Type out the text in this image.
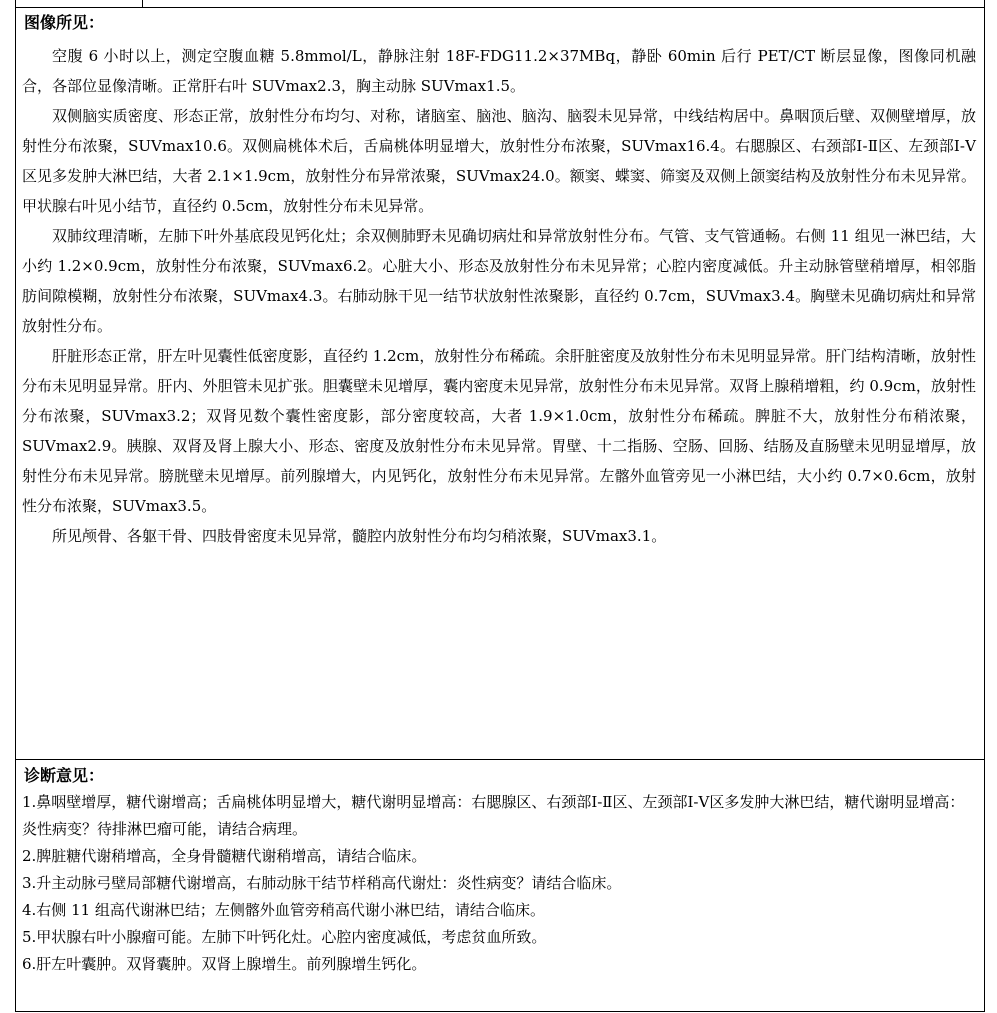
图像所见：

空腹 6 小时以上，测定空腹血糖 5.8mmol/L，静脉注射 18F-FDG11.2×37MBq，静卧 60min 后行 PET/CT 断层显像，图像同机融合，各部位显像清晰。正常肝右叶 SUVmax2.3，胸主动脉 SUVmax1.5。

双侧脑实质密度、形态正常，放射性分布均匀、对称，诸脑室、脑池、脑沟、脑裂未见异常，中线结构居中。鼻咽顶后壁、双侧壁增厚，放射性分布浓聚，SUVmax10.6。双侧扁桃体术后，舌扁桃体明显增大，放射性分布浓聚，SUVmax16.4。右腮腺区、右颈部Ⅰ-Ⅱ区、左颈部Ⅰ-Ⅴ区见多发肿大淋巴结，大者 2.1×1.9cm，放射性分布异常浓聚，SUVmax24.0。额窦、蝶窦、筛窦及双侧上颌窦结构及放射性分布未见异常。甲状腺右叶见小结节，直径约 0.5cm，放射性分布未见异常。

双肺纹理清晰，左肺下叶外基底段见钙化灶；余双侧肺野未见确切病灶和异常放射性分布。气管、支气管通畅。右侧 11 组见一淋巴结，大小约 1.2×0.9cm，放射性分布浓聚，SUVmax6.2。心脏大小、形态及放射性分布未见异常；心腔内密度减低。升主动脉管壁稍增厚，相邻脂肪间隙模糊，放射性分布浓聚，SUVmax4.3。右肺动脉干见一结节状放射性浓聚影，直径约 0.7cm，SUVmax3.4。胸壁未见确切病灶和异常放射性分布。

肝脏形态正常，肝左叶见囊性低密度影，直径约 1.2cm，放射性分布稀疏。余肝脏密度及放射性分布未见明显异常。肝门结构清晰，放射性分布未见明显异常。肝内、外胆管未见扩张。胆囊壁未见增厚，囊内密度未见异常，放射性分布未见异常。双肾上腺稍增粗，约 0.9cm，放射性分布浓聚，SUVmax3.2；双肾见数个囊性密度影，部分密度较高，大者 1.9×1.0cm，放射性分布稀疏。脾脏不大，放射性分布稍浓聚，SUVmax2.9。胰腺、双肾及肾上腺大小、形态、密度及放射性分布未见异常。胃壁、十二指肠、空肠、回肠、结肠及直肠壁未见明显增厚，放射性分布未见异常。膀胱壁未见增厚。前列腺增大，内见钙化，放射性分布未见异常。左髂外血管旁见一小淋巴结，大小约 0.7×0.6cm，放射性分布浓聚，SUVmax3.5。

所见颅骨、各躯干骨、四肢骨密度未见异常，髓腔内放射性分布均匀稍浓聚，SUVmax3.1。

诊断意见：

1.鼻咽壁增厚，糖代谢增高；舌扁桃体明显增大，糖代谢明显增高：右腮腺区、右颈部Ⅰ-Ⅱ区、左颈部Ⅰ-Ⅴ区多发肿大淋巴结，糖代谢明显增高：炎性病变？待排淋巴瘤可能，请结合病理。

2.脾脏糖代谢稍增高，全身骨髓糖代谢稍增高，请结合临床。

3.升主动脉弓壁局部糖代谢增高，右肺动脉干结节样稍高代谢灶：炎性病变？请结合临床。

4.右侧 11 组高代谢淋巴结；左侧髂外血管旁稍高代谢小淋巴结，请结合临床。

5.甲状腺右叶小腺瘤可能。左肺下叶钙化灶。心腔内密度减低，考虑贫血所致。

6.肝左叶囊肿。双肾囊肿。双肾上腺增生。前列腺增生钙化。
